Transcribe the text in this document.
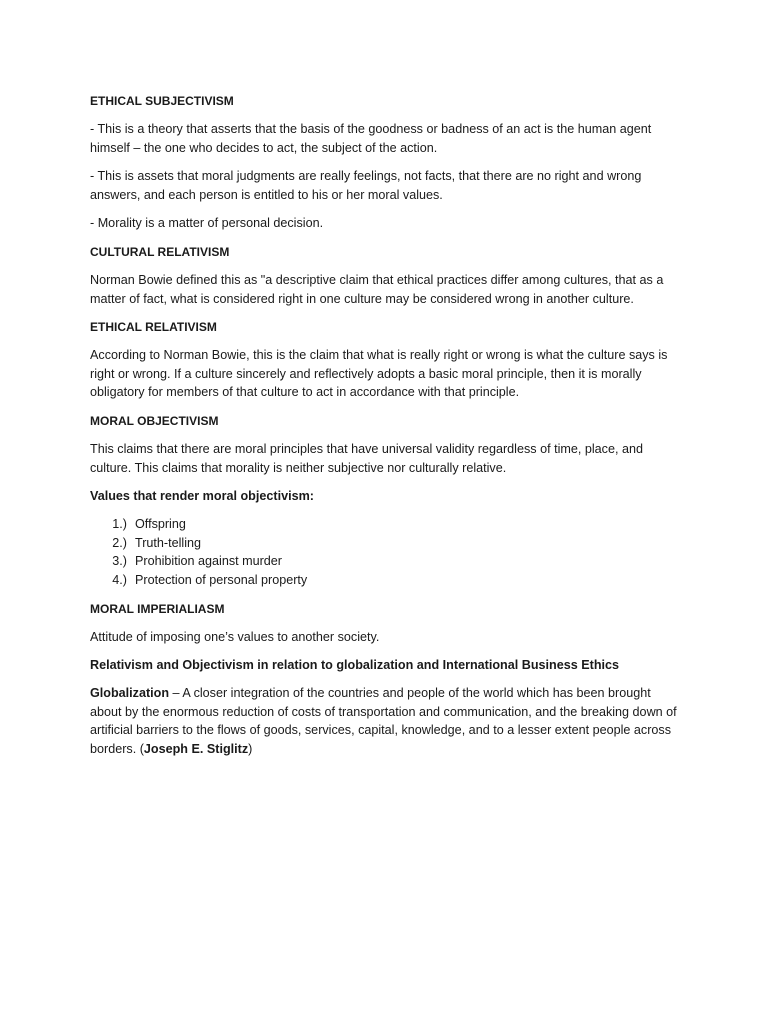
ETHICAL SUBJECTIVISM

- This is a theory that asserts that the basis of the goodness or badness of an act is the human agent himself – the one who decides to act, the subject of the action.

- This is assets that moral judgments are really feelings, not facts, that there are no right and wrong answers, and each person is entitled to his or her moral values.

- Morality is a matter of personal decision.

CULTURAL RELATIVISM

Norman Bowie defined this as "a descriptive claim that ethical practices differ among cultures, that as a matter of fact, what is considered right in one culture may be considered wrong in another culture.

ETHICAL RELATIVISM

According to Norman Bowie, this is the claim that what is really right or wrong is what the culture says is right or wrong. If a culture sincerely and reflectively adopts a basic moral principle, then it is morally obligatory for members of that culture to act in accordance with that principle.

MORAL OBJECTIVISM

This claims that there are moral principles that have universal validity regardless of time, place, and culture. This claims that morality is neither subjective nor culturally relative.

Values that render moral objectivism:
1.) Offspring
2.) Truth-telling
3.) Prohibition against murder
4.) Protection of personal property
MORAL IMPERIALIASM

Attitude of imposing one’s values to another society.

Relativism and Objectivism in relation to globalization and International Business Ethics

Globalization – A closer integration of the countries and people of the world which has been brought about by the enormous reduction of costs of transportation and communication, and the breaking down of artificial barriers to the flows of goods, services, capital, knowledge, and to a lesser extent people across borders. (Joseph E. Stiglitz)
